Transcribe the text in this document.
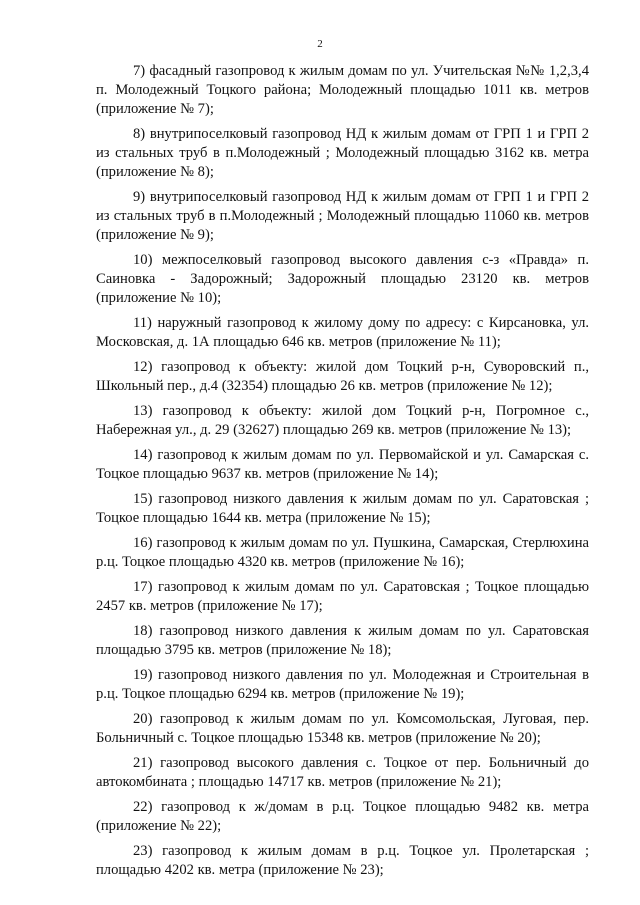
2

7) фасадный газопровод к жилым домам по ул. Учительская №№ 1,2,3,4 п. Молодежный Тоцкого района; Молодежный площадью 1011 кв. метров (приложение № 7);

8) внутрипоселковый газопровод НД к жилым домам от ГРП 1 и ГРП 2 из стальных труб в п.Молодежный ; Молодежный площадью 3162 кв. метра (приложение № 8);

9) внутрипоселковый газопровод НД к жилым домам от ГРП 1 и ГРП 2 из стальных труб в п.Молодежный ; Молодежный площадью 11060 кв. метров (приложение № 9);

10) межпоселковый газопровод высокого давления с-з «Правда» п. Саиновка - Задорожный; Задорожный площадью 23120 кв. метров (приложение № 10);

11) наружный газопровод к жилому дому по адресу: с Кирсановка, ул. Московская, д. 1А площадью 646 кв. метров (приложение № 11);

12) газопровод к объекту: жилой дом Тоцкий р-н, Суворовский п., Школьный пер., д.4 (32354) площадью 26 кв. метров (приложение № 12);

13) газопровод к объекту: жилой дом Тоцкий р-н, Погромное с., Набережная ул., д. 29 (32627) площадью 269 кв. метров (приложение № 13);

14) газопровод к жилым домам по ул. Первомайской и ул. Самарская с. Тоцкое площадью 9637 кв. метров (приложение № 14);

15) газопровод низкого давления к жилым домам по ул. Саратовская ; Тоцкое площадью 1644 кв. метра (приложение № 15);

16) газопровод к жилым домам по ул. Пушкина, Самарская, Стерлюхина р.ц. Тоцкое площадью 4320 кв. метров (приложение № 16);

17) газопровод к жилым домам по ул. Саратовская ; Тоцкое площадью 2457 кв. метров (приложение № 17);

18) газопровод низкого давления к жилым домам по ул. Саратовская площадью 3795 кв. метров (приложение № 18);

19) газопровод низкого давления по ул. Молодежная и Строительная в р.ц. Тоцкое площадью 6294 кв. метров (приложение № 19);

20) газопровод к жилым домам по ул. Комсомольская, Луговая, пер. Больничный с. Тоцкое площадью 15348 кв. метров (приложение № 20);

21) газопровод высокого давления с. Тоцкое от пер. Больничный до автокомбината ; площадью 14717 кв. метров (приложение № 21);

22) газопровод к ж/домам в р.ц. Тоцкое площадью 9482 кв. метра (приложение № 22);

23) газопровод к жилым домам в р.ц. Тоцкое ул. Пролетарская ; площадью 4202 кв. метра (приложение № 23);
